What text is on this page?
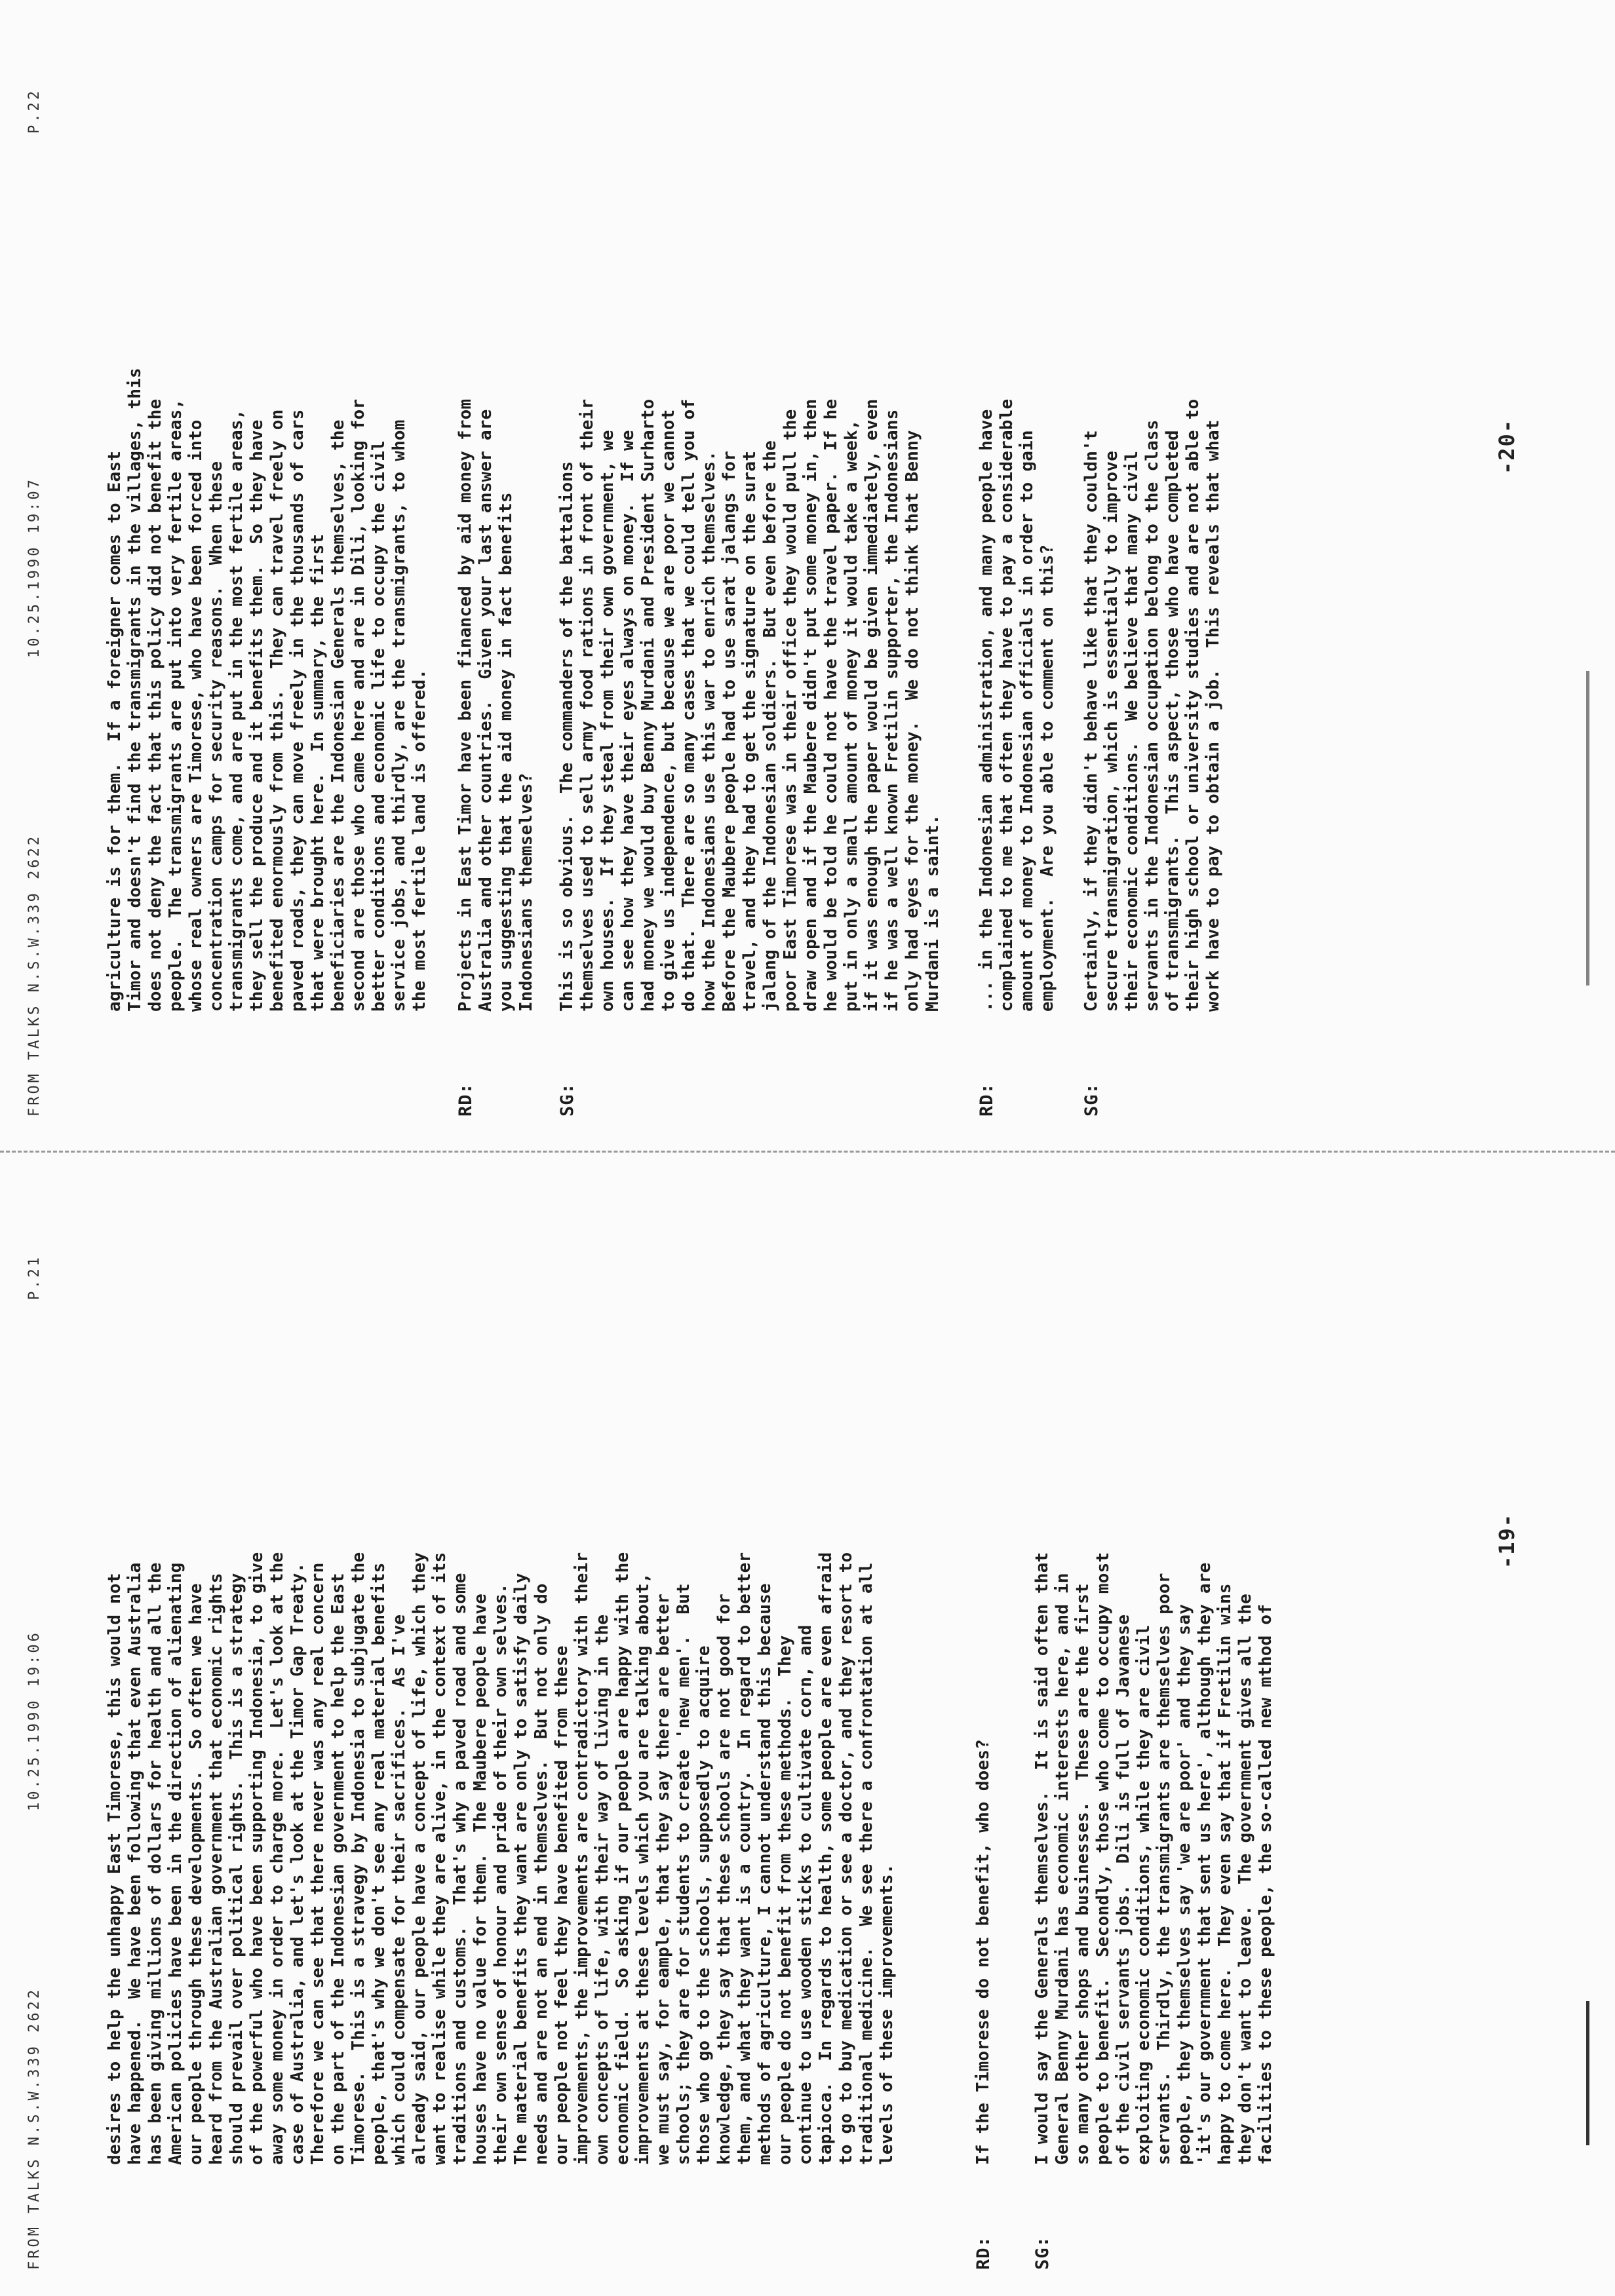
FROM TALKS N.S.W.339 2622
10.25.1990 19:06
P.21
FROM TALKS N.S.W.339 2622
10.25.1990 19:07
P.22
desires to help the unhappy East Timorese, this would not
have happened.  We have been following that even Australia
has been giving millions of dollars for health and all the
American policies have been in the direction of alienating
our people through these developments.  So often we have
heard from the Australian government that economic rights
should prevail over political rights.  This is a strategy
of the powerful who have been supporting Indonesia, to give
away some money in order to charge more.  Let's look at the
case of Australia, and let's look at the Timor Gap Treaty.
Therefore we can see that there never was any real concern
on the part of the Indonesian government to help the East
Timorese.  This is a stravegy by Indonesia to subjugate the
people, that's why we don't see any real material benefits
which could compensate for their sacrifices.  As I've
already said, our people have a concept of life, which they
want to realise while they are alive, in the context of its
traditions and customs.  That's why a paved road and some
houses have no value for them.  The Maubere people have
their own sense of honour and pride of their own selves.
The material benefits they want are only to satisfy daily
needs and are not an end in themselves.  But not only do
our people not feel they have benefited from these
improvements, the improvements are contradictory with their
own concepts of life, with their way of living in the
economic field.  So asking if our people are happy with the
improvements at these levels which you are talking about,
we must say, for eample, that they say there are better
schools; they are for students to create 'new men'.  But
those who go to the schools, supposedly to acquire
knowledge, they say that these schools are not good for
them, and what they want is a country.  In regard to better
methods of agriculture, I cannot understand this because
our people do not benefit from these methods.  They
continue to use wooden sticks to cultivate corn, and
tapioca.  In regards to health, some people are even afraid
to go to buy medication or see a doctor, and they resort to
traditional medicine.  We see there a confrontation at all
levels of these improvements.
RD:
If the Timorese do not benefit, who does?
SG:
I would say the Generals themselves.  It is said often that
General Benny Murdani has economic interests here, and in
so many other shops and businesses.  These are the first
people to benefit.  Secondly, those who come to occupy most
of the civil servants jobs.  Dili is full of Javanese
exploiting economic conditions, while they are civil
servants.  Thirdly, the transmigrants are themselves poor
people, they themselves say 'we are poor' and they say
'it's our government that sent us here', although they are
happy to come here.  They even say that if Fretilin wins
they don't want to leave.  The government gives all the
facilities to these people, the so-called new mthod of
-19-
agriculture is for them.  If a foreigner comes to East
Timor and doesn't find the transmigrants in the villages, this
does not deny the fact that this policy did not benefit the
people.  The transmigrants are put into very fertile areas,
whose real owners are Timorese, who have been forced into
concentration camps for security reasons.  When these
transmigrants come, and are put in the most fertile areas,
they sell the produce and it benefits them.  So they have
benefited enormously from this.  They can travel freely on
paved roads, they can move freely in the thousands of cars
that were brought here.  In summary, the first
beneficiaries are the Indonesian Generals themselves, the
second are those who came here and are in Dili, looking for
better conditions and economic life to occupy the civil
service jobs, and thirdly, are the transmigrants, to whom
the most fertile land is offered.
RD:
Projects in East Timor have been financed by aid money from
Australia and other countries.  Given your last answer are
you suggesting that the aid money in fact benefits
Indonesians themselves?
SG:
This is so obvious.  The commanders of the battalions
themselves used to sell army food rations in front of their
own houses.  If they steal from their own government, we
can see how they have their eyes always on money.  If we
had money we would buy Benny Murdani and President Surharto
to give us independence, but because we are poor we cannot
do that.  There are so many cases that we could tell you of
how the Indonesians use this war to enrich themselves.
Before the Maubere people had to use sarat jalangs for
travel, and they had to get the signature on the surat
jalang of the Indonesian soldiers.  But even before the
poor East Timorese was in their office they would pull the
draw open and if the Maubere didn't put some money in, then
he would be told he could not have the travel paper.  If he
put in only a small amount of money it would take a week,
if it was enough the paper would be given immediately, even
if he was a well known Fretilin supporter, the Indonesians
only had eyes for the money.  We do not think that Benny
Murdani is a saint.
RD:
... in the Indonesian administration, and many people have
complained to me that often they have to pay a considerable
amount of money to Indonesian officials in order to gain
employment.  Are you able to comment on this?
SG:
Certainly, if they didn't behave like that they couldn't
secure transmigration, which is essentially to improve
their economic conditions.  We believe that many civil
servants in the Indonesian occupation belong to the class
of transmigrants.  This aspect, those who have completed
their high school or university studies and are not able to
work have to pay to obtain a job.  This reveals that what	-20-
